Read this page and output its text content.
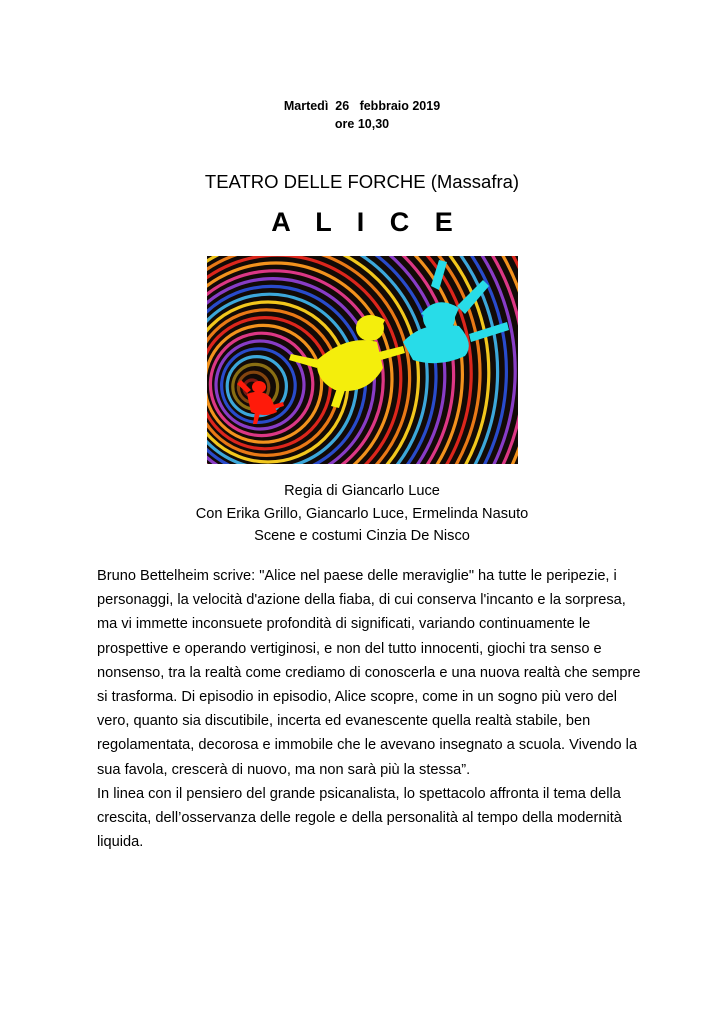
Martedì  26   febbraio 2019
ore 10,30
TEATRO DELLE FORCHE (Massafra)
A L I C E
Regia di Giancarlo Luce
Con Erika Grillo, Giancarlo Luce, Ermelinda Nasuto
Scene e costumi Cinzia De Nisco

Bruno Bettelheim scrive: "Alice nel paese delle meraviglie" ha tutte le peripezie, i
personaggi, la velocità d'azione della fiaba, di cui conserva l'incanto e la sorpresa,
ma vi immette inconsuete profondità di significati, variando continuamente le
prospettive e operando vertiginosi, e non del tutto innocenti, giochi tra senso e
nonsenso, tra la realtà come crediamo di conoscerla e una nuova realtà che sempre
si trasforma. Di episodio in episodio, Alice scopre, come in un sogno più vero del
vero, quanto sia discutibile, incerta ed evanescente quella realtà stabile, ben
regolamentata, decorosa e immobile che le avevano insegnato a scuola. Vivendo la
sua favola, crescerà di nuovo, ma non sarà più la stessa”.

In linea con il pensiero del grande psicanalista, lo spettacolo affronta il tema della
crescita, dell’osservanza delle regole e della personalità al tempo della modernità
liquida.
